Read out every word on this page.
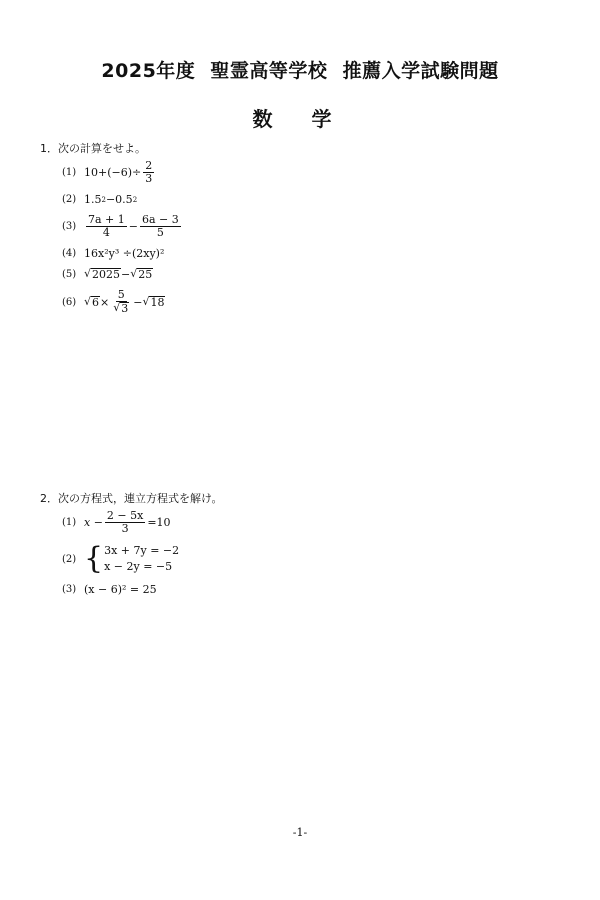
2025年度 聖霊高等学校 推薦入学試験問題
数 学
1．次の計算をせよ。
(1) $10+(-6)\div \frac{2}{3}$
(2) 1.5 2 −0.5 2
$(3) \frac{7a + 1}{4} - \frac{6a - 3}{5}$
(4) 16x²y³ ÷(2xy)²
(5) √ 2025 − √ 25
(6) √ $6 \times \frac{5}{√ 3}$ − √ 18
2．次の方程式，連立方程式を解け。
(1) $x - \frac{2 - 5x}{3} =10$
(2) { 3x + 7y = −2
x − 2y = −5
(3) (x − 6)² = 25
-1-
